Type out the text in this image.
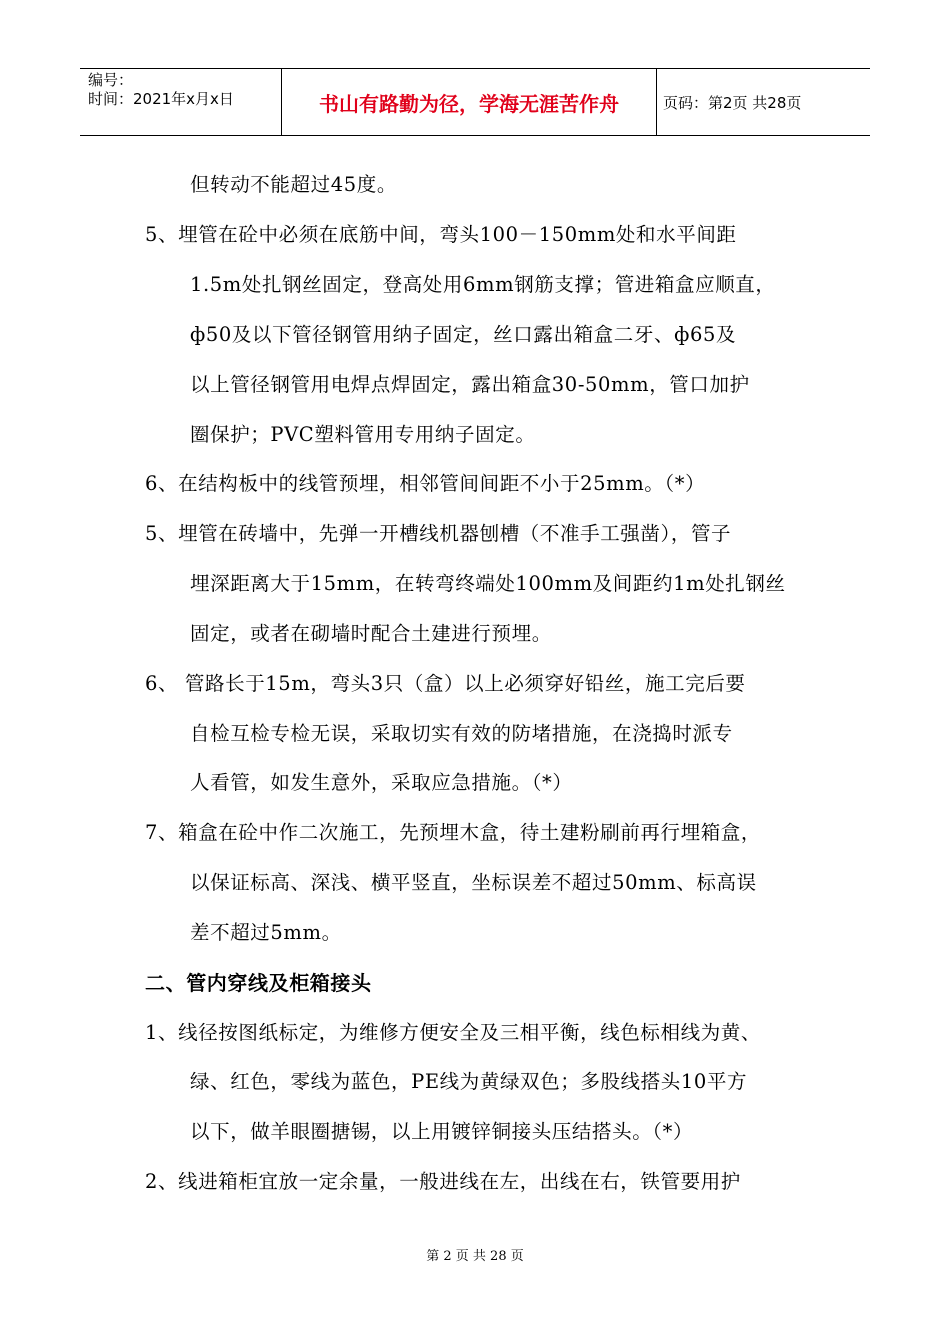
编号：
时间：2021年x月x日	书山有路勤为径，学海无涯苦作舟	页码：第2页 共28页
但转动不能超过45度。
5、埋管在砼中必须在底筋中间，弯头100－150mm处和水平间距
1.5m处扎钢丝固定，登高处用6mm钢筋支撑；管进箱盒应顺直，
ф50及以下管径钢管用纳子固定，丝口露出箱盒二牙、ф65及
以上管径钢管用电焊点焊固定，露出箱盒30-50mm，管口加护
圈保护；PVC塑料管用专用纳子固定。
6、在结构板中的线管预埋，相邻管间间距不小于25mm。（*）
5、埋管在砖墙中，先弹一开槽线机器刨槽（不准手工强凿），管子
埋深距离大于15mm，在转弯终端处100mm及间距约1m处扎钢丝
固定，或者在砌墙时配合土建进行预埋。
6、 管路长于15m，弯头3只（盒）以上必须穿好铅丝，施工完后要
自检互检专检无误，采取切实有效的防堵措施，在浇捣时派专
人看管，如发生意外，采取应急措施。（*）
7、箱盒在砼中作二次施工，先预埋木盒，待土建粉刷前再行埋箱盒，
以保证标高、深浅、横平竖直，坐标误差不超过50mm、标高误
差不超过5mm。
二、管内穿线及柜箱接头
1、线径按图纸标定，为维修方便安全及三相平衡，线色标相线为黄、
绿、红色，零线为蓝色，PE线为黄绿双色；多股线搭头10平方
以下，做羊眼圈搪锡，以上用镀锌铜接头压结搭头。（*）
2、线进箱柜宜放一定余量，一般进线在左，出线在右，铁管要用护
第 2 页 共 28 页
